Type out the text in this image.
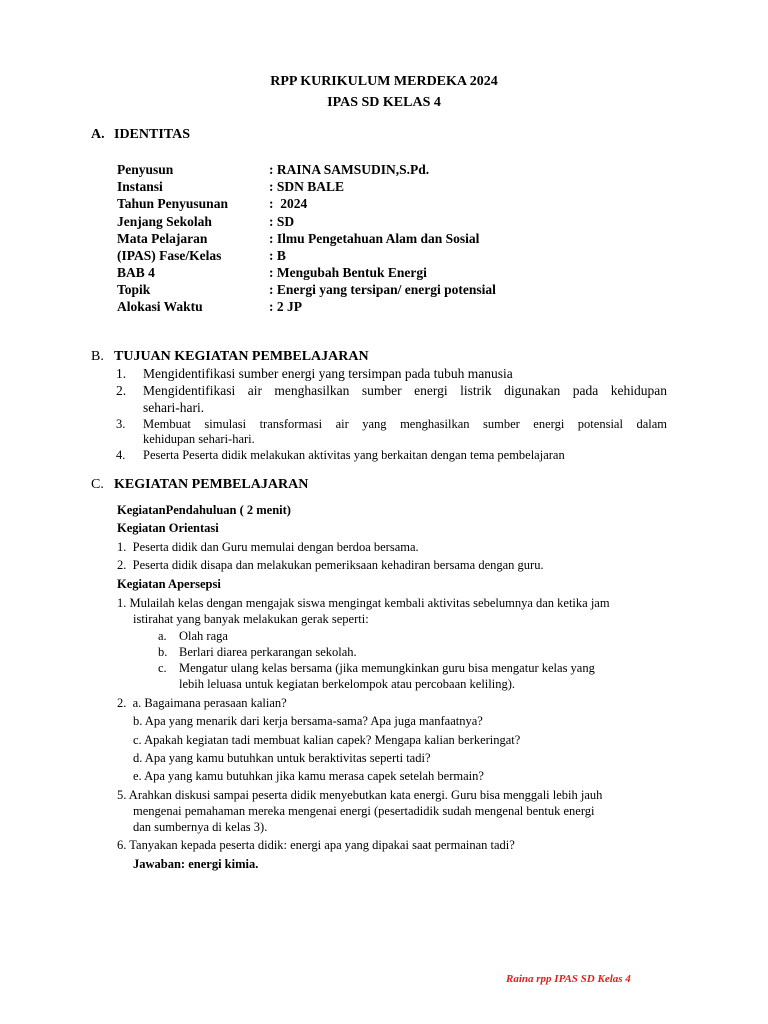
RPP KURIKULUM MERDEKA 2024
IPAS SD KELAS 4
A. IDENTITAS
Penyusun	: RAINA SAMSUDIN,S.Pd.
Instansi	: SDN BALE
Tahun Penyusunan	:  2024
Jenjang Sekolah	: SD
Mata Pelajaran	: Ilmu Pengetahuan Alam dan Sosial
(IPAS) Fase/Kelas	: B
BAB 4	: Mengubah Bentuk Energi
Topik	: Energi yang tersipan/ energi potensial
Alokasi Waktu	: 2 JP
B. TUJUAN KEGIATAN PEMBELAJARAN
1. Mengidentifikasi sumber energi yang tersimpan pada tubuh manusia
2. Mengidentifikasi air menghasilkan sumber energi listrik digunakan pada kehidupan
sehari-hari.
3. Membuat simulasi transformasi air yang menghasilkan sumber energi potensial dalam
kehidupan sehari-hari.
4. Peserta Peserta didik melakukan aktivitas yang berkaitan dengan tema pembelajaran
C. KEGIATAN PEMBELAJARAN
KegiatanPendahuluan ( 2 menit)
Kegiatan Orientasi
1.  Peserta didik dan Guru memulai dengan berdoa bersama.
2.  Peserta didik disapa dan melakukan pemeriksaan kehadiran bersama dengan guru.
Kegiatan Apersepsi
1. Mulailah kelas dengan mengajak siswa mengingat kembali aktivitas sebelumnya dan ketika jam
istirahat yang banyak melakukan gerak seperti:
a. Olah raga
b. Berlari diarea perkarangan sekolah.
c. Mengatur ulang kelas bersama (jika memungkinkan guru bisa mengatur kelas yang
lebih leluasa untuk kegiatan berkelompok atau percobaan keliling).
2.  a. Bagaimana perasaan kalian?
b. Apa yang menarik dari kerja bersama-sama? Apa juga manfaatnya?
c. Apakah kegiatan tadi membuat kalian capek? Mengapa kalian berkeringat?
d. Apa yang kamu butuhkan untuk beraktivitas seperti tadi?
e. Apa yang kamu butuhkan jika kamu merasa capek setelah bermain?
5. Arahkan diskusi sampai peserta didik menyebutkan kata energi. Guru bisa menggali lebih jauh
mengenai pemahaman mereka mengenai energi (pesertadidik sudah mengenal bentuk energi
dan sumbernya di kelas 3).
6. Tanyakan kepada peserta didik: energi apa yang dipakai saat permainan tadi?
Jawaban: energi kimia.
Raina rpp IPAS SD Kelas 4
